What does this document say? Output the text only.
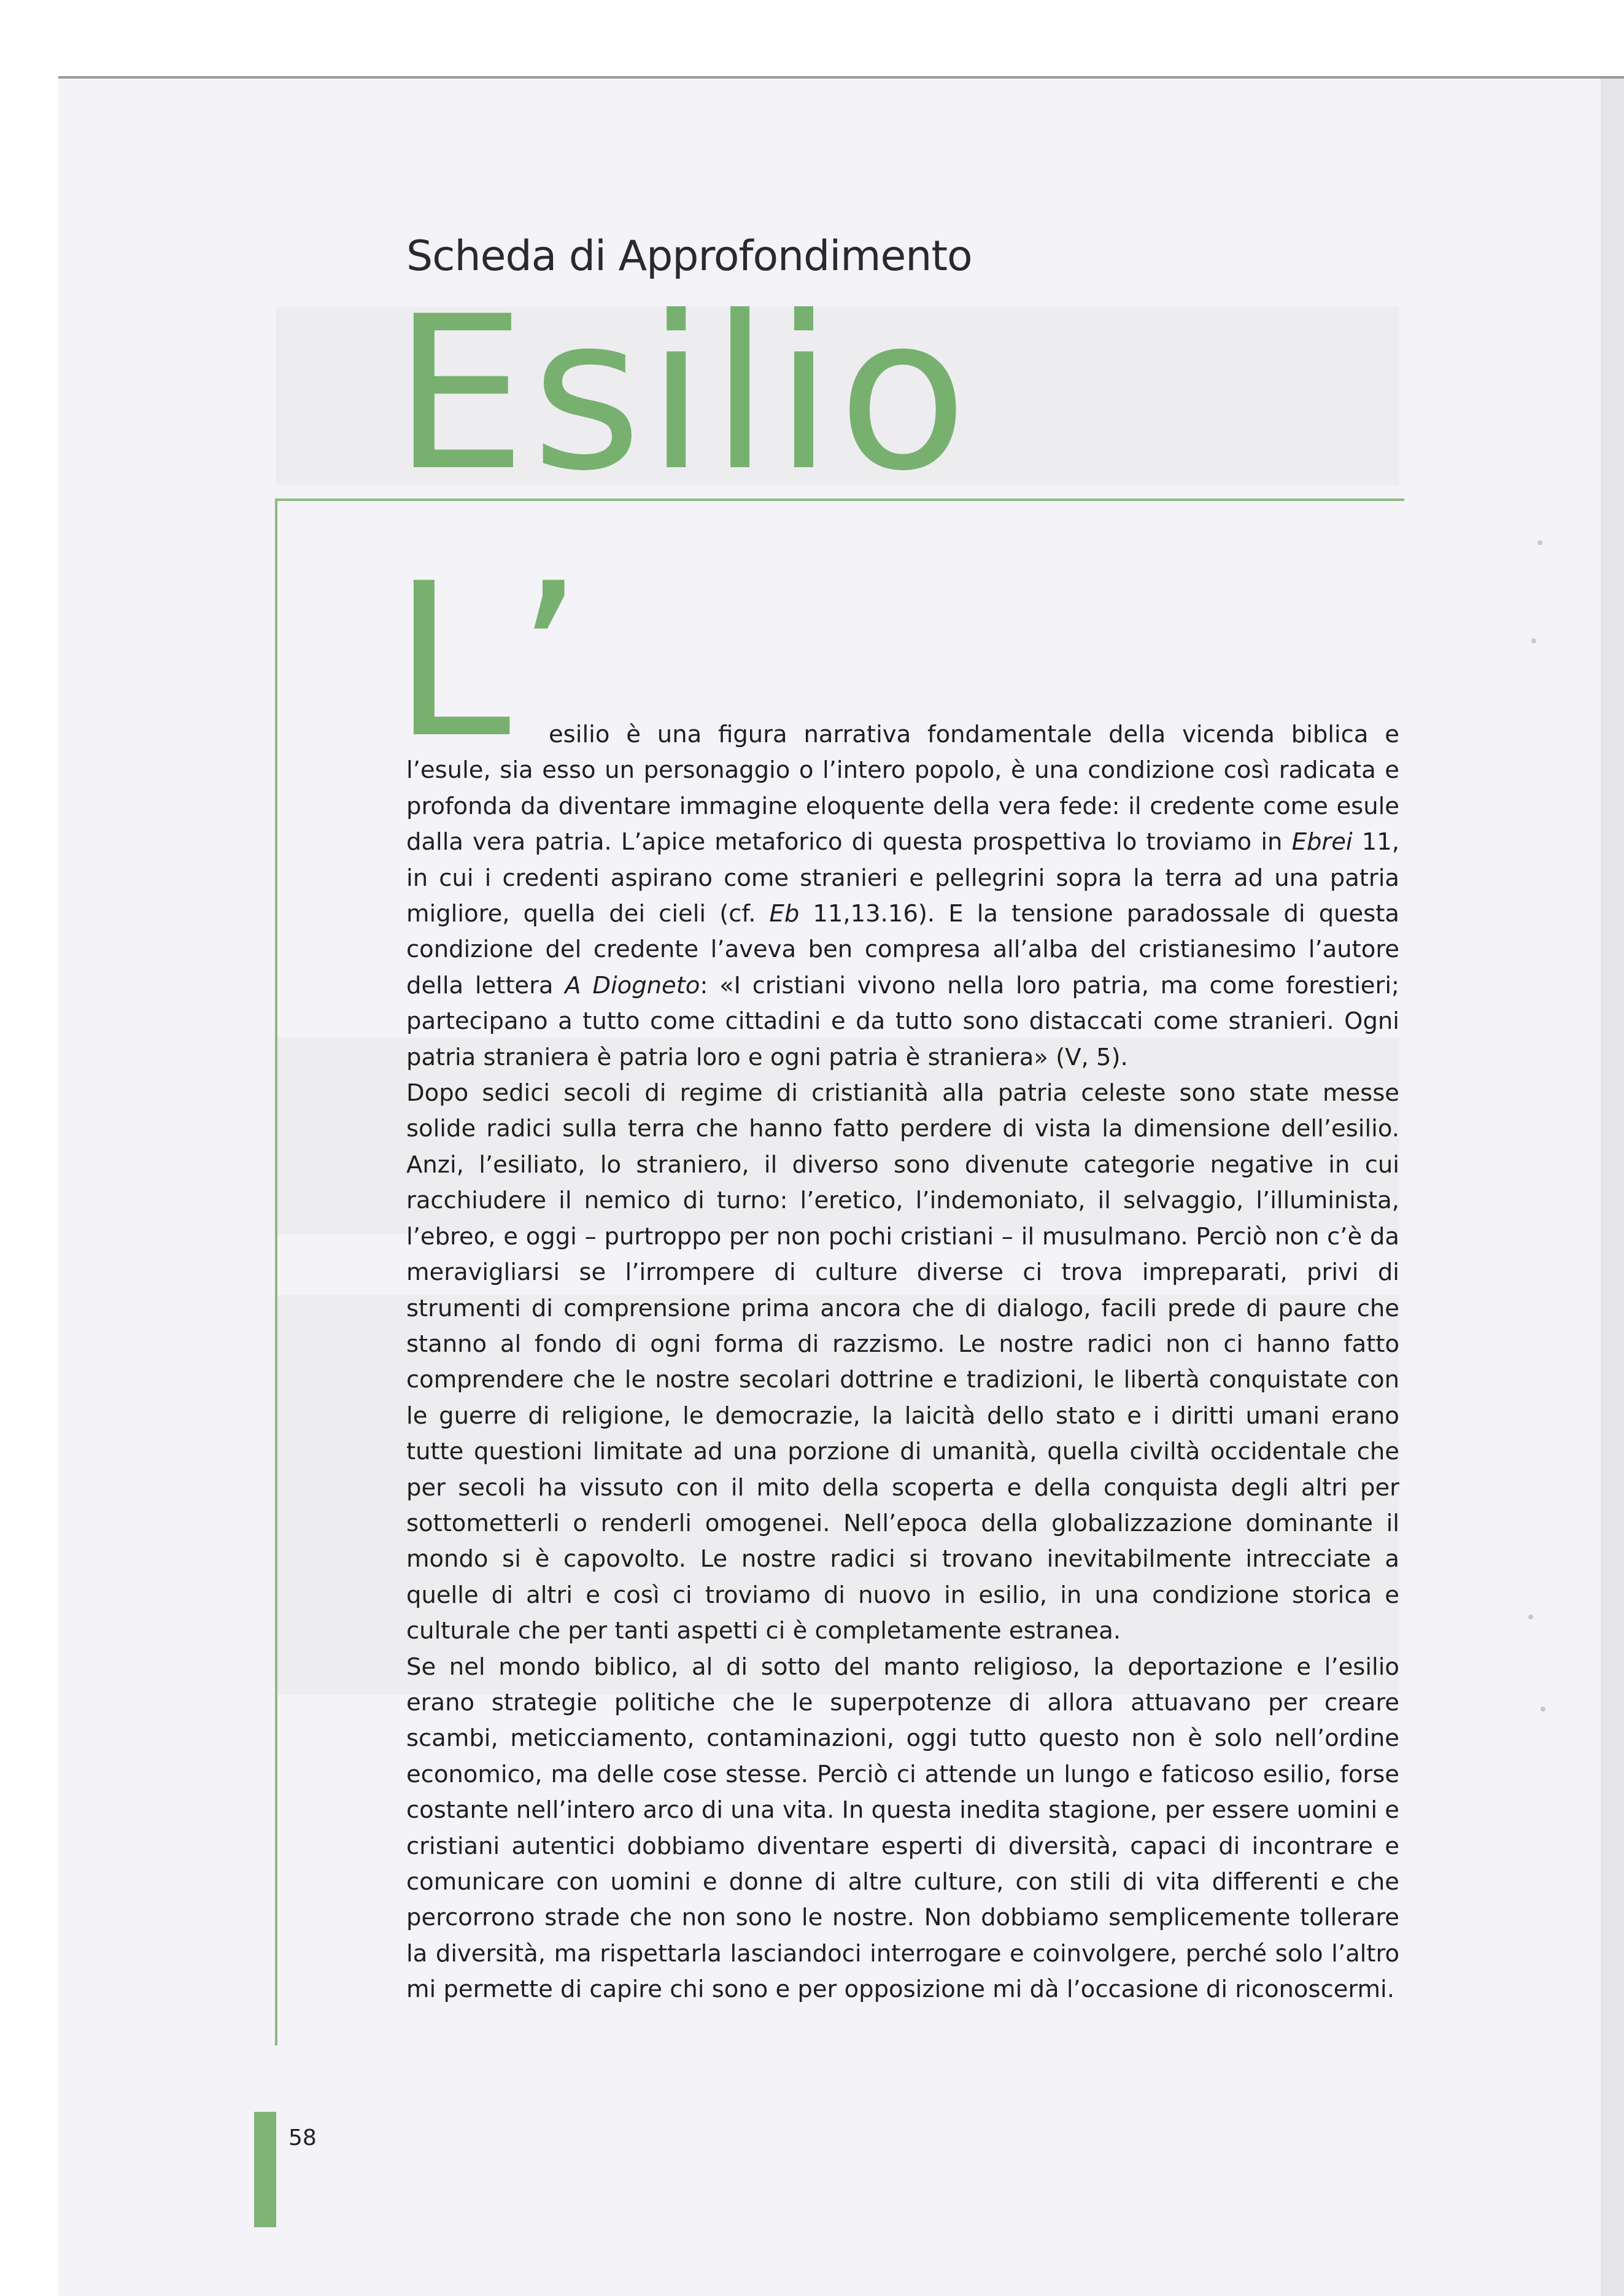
Scheda di Approfondimento
Esilio
L’

esilio è una figura narrativa fondamentale della vicenda biblica e l’esule, sia esso un personaggio o l’intero popolo, è una condizione così radicata e profonda da diventare immagine eloquente della vera fede: il credente come esule dalla vera patria. L’apice metaforico di questa prospettiva lo troviamo in Ebrei 11, in cui i credenti aspirano come stranieri e pellegrini sopra la terra ad una patria migliore, quella dei cieli (cf. Eb 11,13.16). E la tensione paradossale di questa condizione del credente l’aveva ben compresa all’alba del cristianesimo l’autore della lettera A Diogneto: «I cristiani vivono nella loro patria, ma come forestieri; partecipano a tutto come cittadini e da tutto sono distaccati come stranieri. Ogni patria straniera è patria loro e ogni patria è straniera» (V, 5).

Dopo sedici secoli di regime di cristianità alla patria celeste sono state messe solide radici sulla terra che hanno fatto perdere di vista la dimensione dell’esilio. Anzi, l’esiliato, lo straniero, il diverso sono divenute categorie negative in cui racchiudere il nemico di turno: l’eretico, l’indemoniato, il selvaggio, l’illuminista, l’ebreo, e oggi – purtroppo per non pochi cristiani – il musulmano. Perciò non c’è da meravigliarsi se l’irrompere di culture diverse ci trova impreparati, privi di strumenti di comprensione prima ancora che di dialogo, facili prede di paure che stanno al fondo di ogni forma di razzismo. Le nostre radici non ci hanno fatto comprendere che le nostre secolari dottrine e tradizioni, le libertà conquistate con le guerre di religione, le democrazie, la laicità dello stato e i diritti umani erano tutte questioni limitate ad una porzione di umanità, quella civiltà occidentale che per secoli ha vissuto con il mito della scoperta e della conquista degli altri per sottometterli o renderli omogenei. Nell’epoca della globalizzazione dominante il mondo si è capovolto. Le nostre radici si trovano inevitabilmente intrecciate a quelle di altri e così ci troviamo di nuovo in esilio, in una condizione storica e culturale che per tanti aspetti ci è completamente estranea.

Se nel mondo biblico, al di sotto del manto religioso, la deportazione e l’esilio erano strategie politiche che le superpotenze di allora attuavano per creare scambi, meticciamento, contaminazioni, oggi tutto questo non è solo nell’ordine economico, ma delle cose stesse. Perciò ci attende un lungo e faticoso esilio, forse costante nell’intero arco di una vita. In questa inedita stagione, per essere uomini e cristiani autentici dobbiamo diventare esperti di diversità, capaci di incontrare e comunicare con uomini e donne di altre culture, con stili di vita differenti e che percorrono strade che non sono le nostre. Non dobbiamo semplicemente tollerare la diversità, ma rispettarla lasciandoci interrogare e coinvolgere, perché solo l’altro mi permette di capire chi sono e per opposizione mi dà l’occasione di riconoscermi.

58
